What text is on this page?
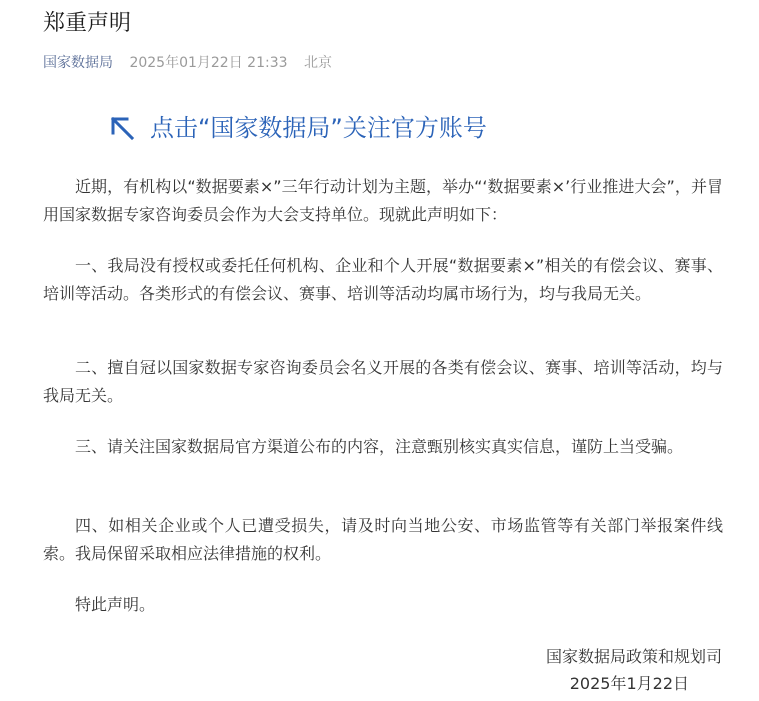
郑重声明
国家数据局 2025年01月22日 21:33 北京
点击“国家数据局”关注官方账号

近期，有机构以“数据要素×”三年行动计划为主题，举办“‘数据要素×’行业推进大会”，并冒用国家数据专家咨询委员会作为大会支持单位。现就此声明如下：

一、我局没有授权或委托任何机构、企业和个人开展“数据要素×”相关的有偿会议、赛事、培训等活动。各类形式的有偿会议、赛事、培训等活动均属市场行为，均与我局无关。

二、擅自冠以国家数据专家咨询委员会名义开展的各类有偿会议、赛事、培训等活动，均与我局无关。

三、请关注国家数据局官方渠道公布的内容，注意甄别核实真实信息，谨防上当受骗。

四、如相关企业或个人已遭受损失，请及时向当地公安、市场监管等有关部门举报案件线索。我局保留采取相应法律措施的权利。

特此声明。

国家数据局政策和规划司
2025年1月22日
